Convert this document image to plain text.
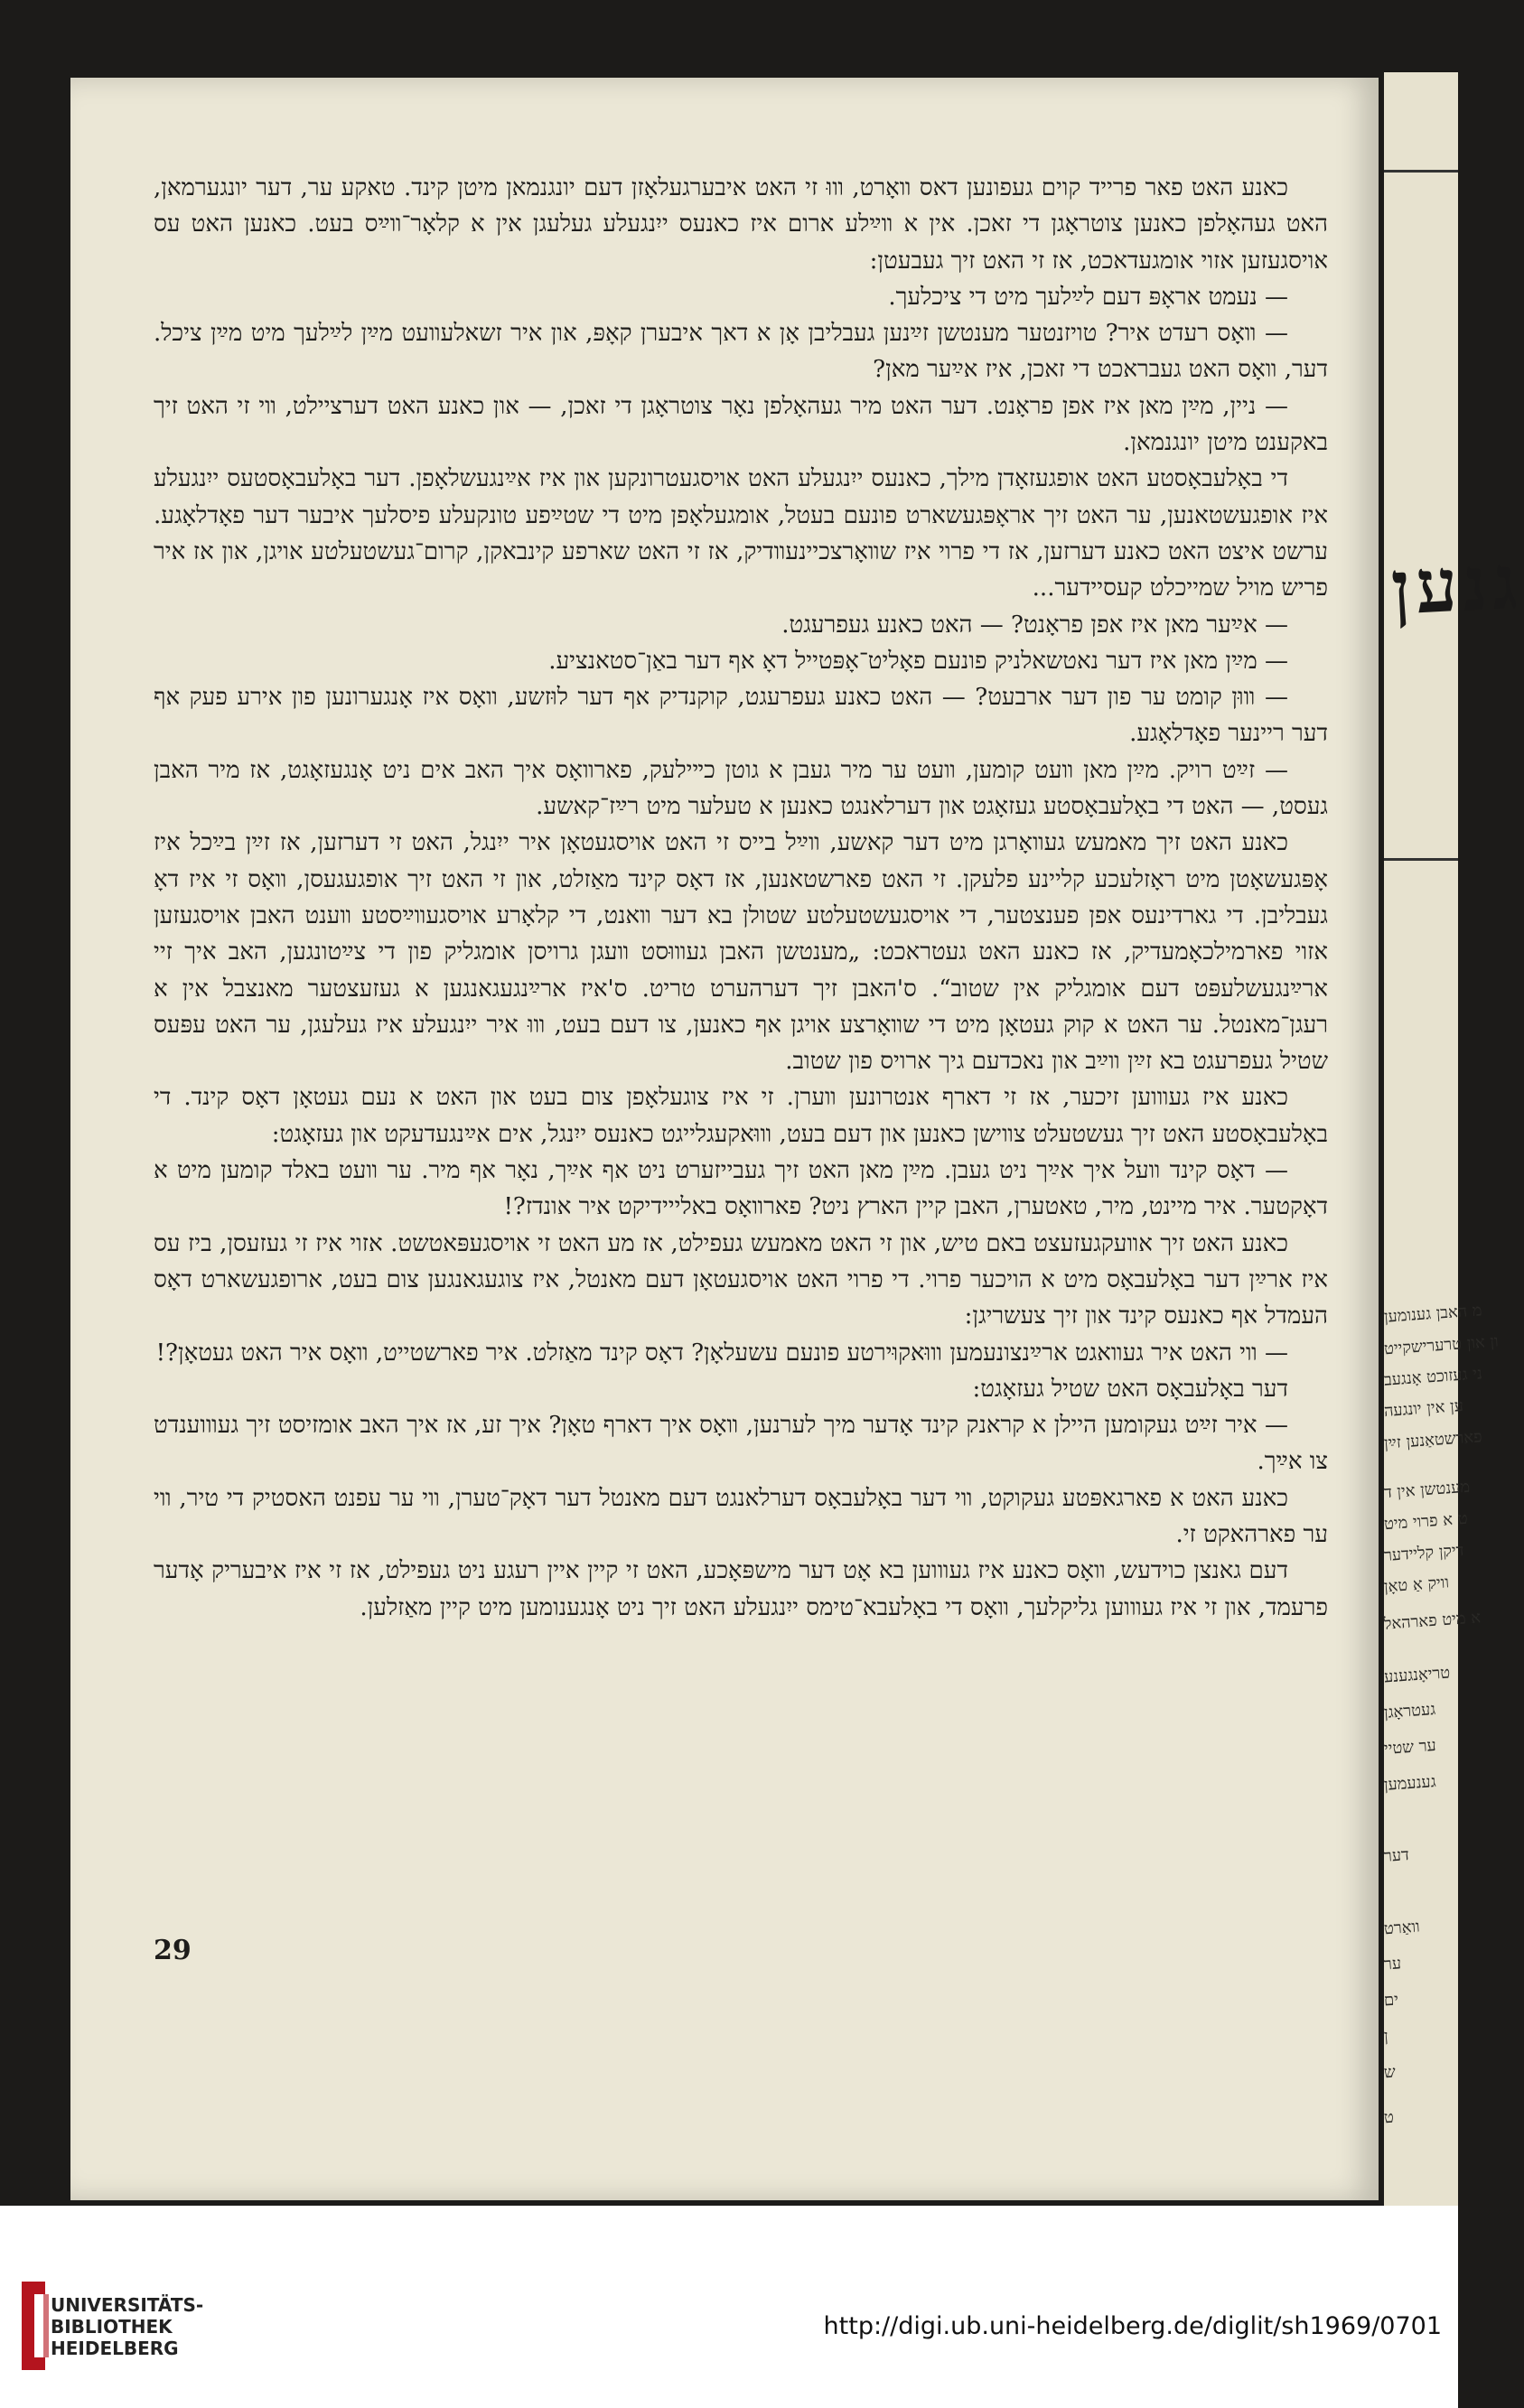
גנען
מ האבן גענומען
ון און טרערישקייט
ני געזוכט אָנגעב
ען אין יונגעה
פארשטאַנען זײַן
מענטשן אין ד
ט א פרוי מיט
דיקן קליידער
וויק אַ טאָן
א מיט פארהאל
טריאָנגענע
געטראָגן
ער שטיי
גענעמען
דער
וואַרט
ער
ים
ן
ש
ט

כאנע האט פאר פרייד קוים געפונען דאס װאָרט, װוּ זי האט איבערגעלאָזן דעם יונגנמאן מיטן קינד. טאקע ער, דער יונגערמאן, האט געהאָלפן כאנען צוטראָגן די זאכן. אין א װײַלע ארום איז כאנעס ייִנגעלע געלעגן אין א קלאָר־װײַס בעט. כאנען האט עס אויסגעזען אזוי אומגעדאכט, אז זי האט זיך געבעטן:

— נעמט אראָפּ דעם לײַלעך מיט די ציכלעך.

— װאָס רעדט איר? טויזנטער מענטשן זײַנען געבליבן אָן א דאך איבערן קאָפּ, און איר זשאלעװעט מײַן לײַלעך מיט מײַן ציכל. דער, װאָס האט געבראכט די זאכן, איז אײַער מאן?

— ניין, מײַן מאן איז אפן פראָנט. דער האט מיר געהאָלפן נאָר צוטראָגן די זאכן, — און כאנע האט דערציילט, װי זי האט זיך באקענט מיטן יונגנמאן.

די באָלעבאָסטע האט אופגעזאָדן מילך, כאנעס ייִנגעלע האט אויסגעטרונקען און איז אײַנגעשלאָפן. דער באָלעבאָסטעס ייִנגעלע איז אופגעשטאנען, ער האט זיך אראָפּגעשארט פונעם בעטל, אומגעלאָפן מיט די שטײַפע טונקעלע פיסלעך איבער דער פאָדלאָגע. ערשט איצט האט כאנע דערזען, אז די פרוי איז שװאָרצכיינעװדיק, אז זי האט שארפע קינבאקן, קרום־געשטעלטע אויגן, און אז איר פריש מויל שמייכלט קעסיידער...

— אײַער מאן איז אפן פראָנט? — האט כאנע געפרעגט.

— מײַן מאן איז דער נאטשאלניק פונעם פאָליט־אָפּטייל דאָ אף דער באַן־סטאנציע.

— װוּן קומט ער פון דער ארבעט? — האט כאנע געפרעגט, קוקנדיק אף דער לוּזשע, װאָס איז אָנגערונען פון אירע פעק אף דער ריינער פאָדלאָגע.

— זײַט רויק. מײַן מאן װעט קומען, װעט ער מיר געבן א גוטן כײילעק, פארװאָס איך האב אים ניט אָנגעזאָגט, אז מיר האבן געסט, — האט די באָלעבאָסטע געזאָגט און דערלאנגט כאנען א טעלער מיט רײַז־קאשע.

כאנע האט זיך מאמעש געװאָרגן מיט דער קאשע, װײַל בייס זי האט אויסגעטאָן איר ייִנגל, האט זי דערזען, אז זײַן בײַכל איז אָפּגעשאָטן מיט ראָזלעכע קליינע פלעקן. זי האט פארשטאנען, אז דאָס קינד מאַזלט, און זי האט זיך אופגעגעסן, װאָס זי איז דאָ געבליבן. די גארדינעס אפן פענצטער, די אויסגעשטעלטע שטולן בא דער װאנט, די קלאָרע אויסגעװײַסטע װענט האבן אויסגעזען אזוי פארמילכאָמעדיק, אז כאנע האט געטראכט: „מענטשן האבן געװוּסט װעגן גרויסן אומגליק פון די צײַטונגען, האב איך זיי ארײַנגעשלעפּט דעם אומגליק אין שטוב“. ס'האבן זיך דערהערט טריט. ס'איז ארײַנגעגאנגען א געזעצטער מאנצבל אין א רעגן־מאנטל. ער האט א קוק געטאָן מיט די שװאָרצע אויגן אף כאנען, צו דעם בעט, װוּ איר ייִנגעלע איז געלעגן, ער האט עפּעס שטיל געפרעגט בא זײַן װײַב און נאכדעם גיך ארויס פון שטוב.

כאנע איז געװוען זיכער, אז זי דארף אנטרונען װערן. זי איז צוגעלאָפן צום בעט און האט א נעם געטאָן דאָס קינד. די באָלעבאָסטע האט זיך געשטעלט צװישן כאנען און דעם בעט, װוּאקעגלייגט כאנעס ייִנגל, אים אײַנגעדעקט און געזאָגט:

— דאָס קינד װעל איך אײַך ניט געבן. מײַן מאן האט זיך געבייזערט ניט אף אײַך, נאָר אף מיר. ער װעט באלד קומען מיט א דאָקטער. איר מיינט, מיר, טאטערן, האבן קיין הארץ ניט? פארװאָס באלייידיקט איר אונדז?!

כאנע האט זיך אװעקגעזעצט באם טיש, און זי האט מאמעש געפילט, אז מע האט זי אויסגעפּאטשט. אזוי איז זי געזעסן, ביז עס איז ארײַן דער באָלעבאָס מיט א הויכער פרוי. די פרוי האט אויסגעטאָן דעם מאנטל, איז צוגעגאנגען צום בעט, ארופגעשארט דאָס העמדל אף כאנעס קינד און זיך צעשריגן:

— װי האט איר געװאגט ארײַנצונעמען װוּאקוּירטע פונעם עשעלאָן? דאָס קינד מאַזלט. איר פארשטייט, װאָס איר האט געטאָן?!

דער באָלעבאָס האט שטיל געזאָגט:

— איר זײַט געקומען היילן א קראנק קינד אָדער מיך לערנען, װאָס איך דארף טאָן? איך זע, אז איך האב אומזיסט זיך געװוענדט צו אײַך.

כאנע האט א פארגאפּטע געקוקט, װי דער באָלעבאָס דערלאנגט דעם מאנטל דער דאָק־טערן, װי ער עפנט האסטיק די טיר, װי ער פארהאקט זי.

דעם גאנצן כוידעש, װאָס כאנע איז געװוען בא אָט דער מישפּאָכע, האט זי קיין איין רעגע ניט געפילט, אז זי איז איבעריק אָדער פרעמד, און זי איז געװוען גליקלעך, װאָס די באָלעבא־טימס ייִנגעלע האט זיך ניט אָנגענומען מיט קיין מאַזלען.

29
UNIVERSITÄTS-
BIBLIOTHEK
HEIDELBERG
http://digi.ub.uni-heidelberg.de/diglit/sh1969/0701
